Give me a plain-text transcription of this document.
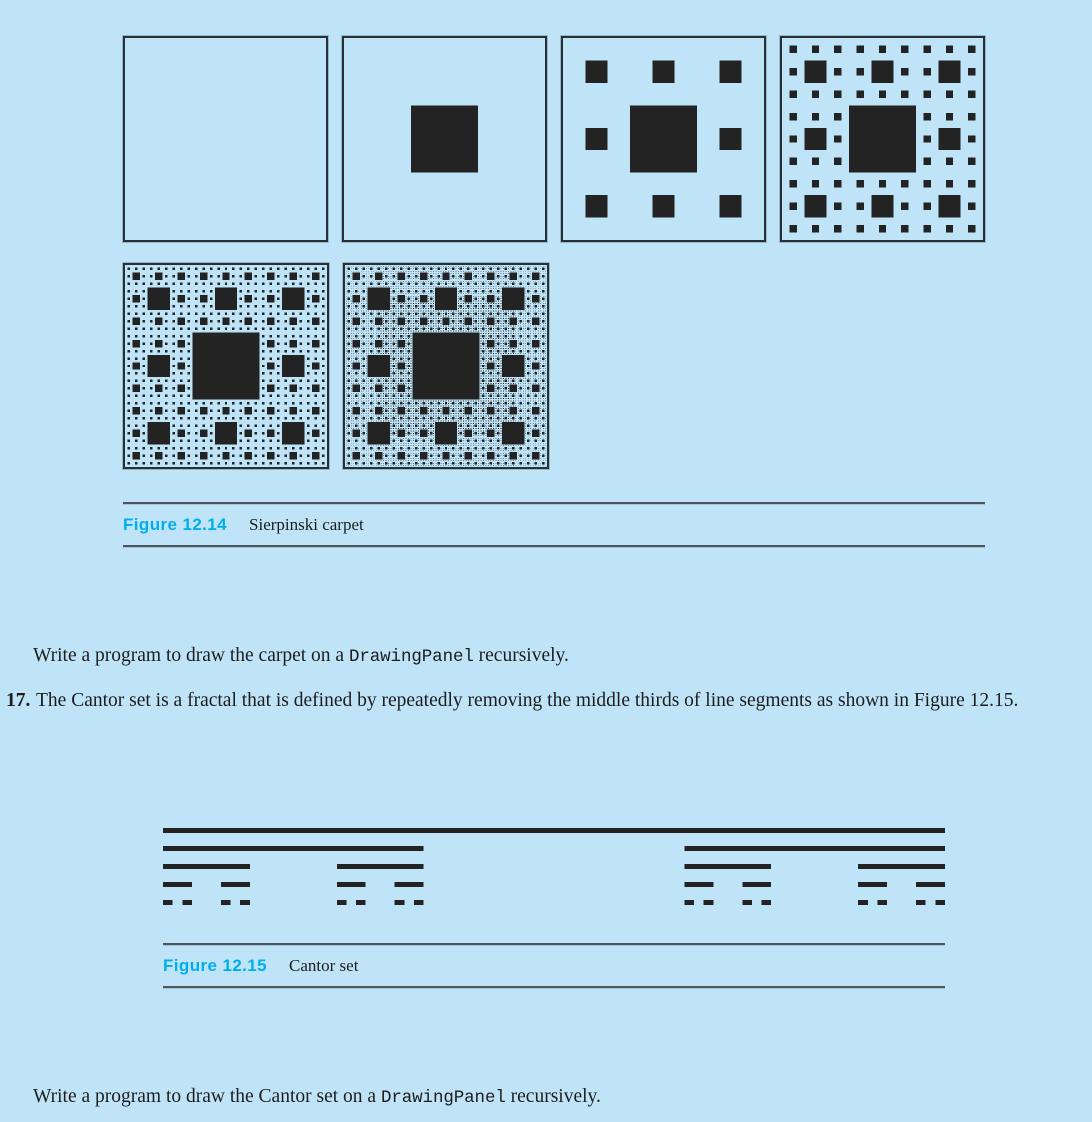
Figure 12.14 Sierpinski carpet
Write a program to draw the carpet on a DrawingPanel recursively.
17. The Cantor set is a fractal that is defined by repeatedly removing the middle thirds of line segments as shown in Figure 12.15.
Figure 12.15 Cantor set
Write a program to draw the Cantor set on a DrawingPanel recursively.
